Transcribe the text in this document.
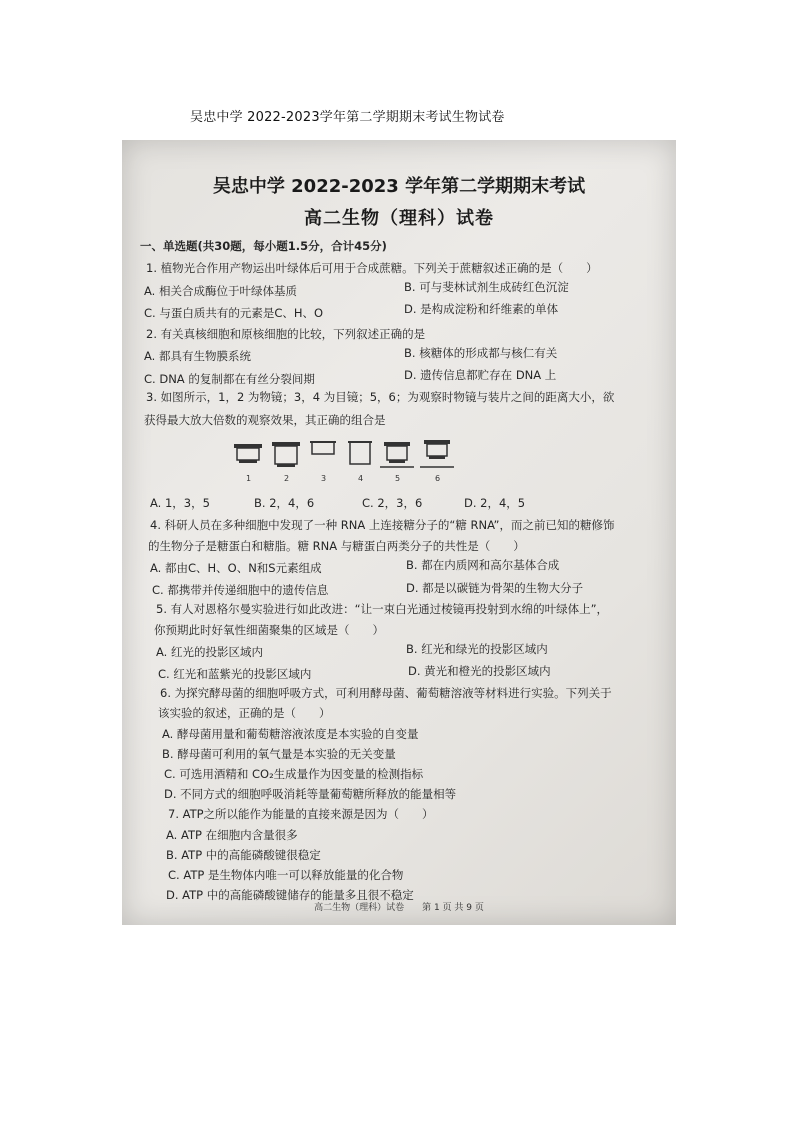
吴忠中学 2022-2023学年第二学期期末考试生物试卷
吴忠中学 2022-2023 学年第二学期期末考试
高二生物（理科）试卷
一、单选题(共30题，每小题1.5分，合计45分)
1. 植物光合作用产物运出叶绿体后可用于合成蔗糖。下列关于蔗糖叙述正确的是（　　）
A. 相关合成酶位于叶绿体基质	B. 可与斐林试剂生成砖红色沉淀
C. 与蛋白质共有的元素是C、H、O	D. 是构成淀粉和纤维素的单体
2. 有关真核细胞和原核细胞的比较，下列叙述正确的是
A. 都具有生物膜系统	B. 核糖体的形成都与核仁有关
C. DNA 的复制都在有丝分裂间期	D. 遗传信息都贮存在 DNA 上
3. 如图所示，1，2 为物镜；3，4 为目镜；5，6；为观察时物镜与装片之间的距离大小，欲
获得最大放大倍数的观察效果，其正确的组合是
1	2	3	4	5	6
A. 1，3，5	B. 2，4，6	C. 2，3，6	D. 2，4，5
4. 科研人员在多种细胞中发现了一种 RNA 上连接糖分子的“糖 RNA”，而之前已知的糖修饰
的生物分子是糖蛋白和糖脂。糖 RNA 与糖蛋白两类分子的共性是（　　）
A. 都由C、H、O、N和S元素组成	B. 都在内质网和高尔基体合成
C. 都携带并传递细胞中的遗传信息	D. 都是以碳链为骨架的生物大分子
5. 有人对恩格尔曼实验进行如此改进：“让一束白光通过棱镜再投射到水绵的叶绿体上”，
你预期此时好氧性细菌聚集的区域是（　　）
A. 红光的投影区域内	B. 红光和绿光的投影区域内
C. 红光和蓝紫光的投影区域内	D. 黄光和橙光的投影区域内
6. 为探究酵母菌的细胞呼吸方式，可利用酵母菌、葡萄糖溶液等材料进行实验。下列关于
该实验的叙述，正确的是（　　）
A. 酵母菌用量和葡萄糖溶液浓度是本实验的自变量
B. 酵母菌可利用的氧气量是本实验的无关变量
C. 可选用酒精和 CO₂生成量作为因变量的检测指标
D. 不同方式的细胞呼吸消耗等量葡萄糖所释放的能量相等
7. ATP之所以能作为能量的直接来源是因为（　　）
A. ATP 在细胞内含量很多
B. ATP 中的高能磷酸键很稳定
C. ATP 是生物体内唯一可以释放能量的化合物
D. ATP 中的高能磷酸键储存的能量多且很不稳定
高二生物（理科）试卷　　第 1 页 共 9 页
